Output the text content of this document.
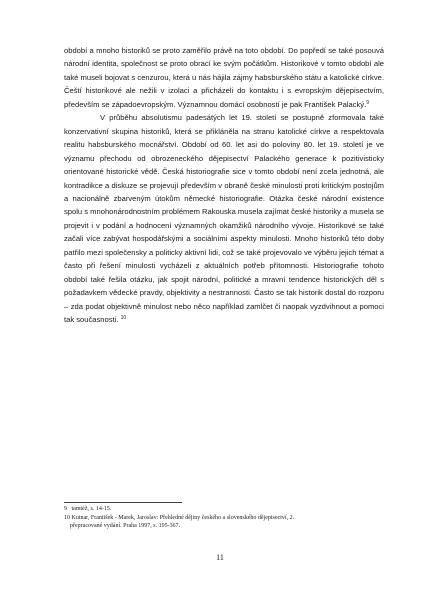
období a mnoho historiků se proto zaměřilo právě na toto období. Do popředí se také posouvá národní identita, společnost se proto obrací ke svým počátkům. Historikové v tomto období ale také museli bojovat s cenzurou, která u nás hájila zájmy habsburského státu a katolické církve. Čeští historikové ale nežili v izolaci a přicházeli do kontaktu i s evropským dějepisectvím, především se západoevropským. Významnou domácí osobností je pak František Palacký.$^9$

V průběhu absolutismu padesátých let 19. století se postupně zformovala také konzervativní skupina historiků, která se přikláněla na stranu katolické církve a respektovala realitu habsburského mocnářství. Období od 60. let asi do poloviny 80. let 19. století je ve významu přechodu od obrozeneckého dějepisectví Palackého generace k pozitivisticky orientované historické vědě. Česká historiografie sice v tomto období není zcela jednotná, ale kontradikce a diskuze se projevují především v obraně české minulosti proti kritickým postojům a nacionálně zbarveným útokům německé historiografie. Otázka české národní existence spolu s mnohonárodnostním problémem Rakouska musela zajímat české historiky a musela se projevit i v podání a hodnocení významných okamžiků národního vývoje. Historikové se také začali více zabývat hospodářskými a sociálními aspekty minulosti. Mnoho historiků této doby patřilo mezi společensky a politicky aktivní lidi, což se také projevovalo ve výběru jejich témat a často při řešení minulosti vycházeli z aktuálních potřeb přítomnosti. Historiografie tohoto období také řešila otázku, jak spojit národní, politické a mravní tendence historických děl s požadavkem vědecké pravdy, objektivity a nestrannosti. Často se tak historik dostal do rozporu – zda podat objektivně minulost nebo něco například zamlčet či naopak vyzdvihnout a pomoci tak současnosti. $^{10}$

9 tamtéž, s. 14-15.

10 Kutnar, František - Marek, Jaroslav: Přehledné dějiny českého a slovenského dějepisectví, 2.

přepracované vydání. Praha 1997, s. 195-367.

11
